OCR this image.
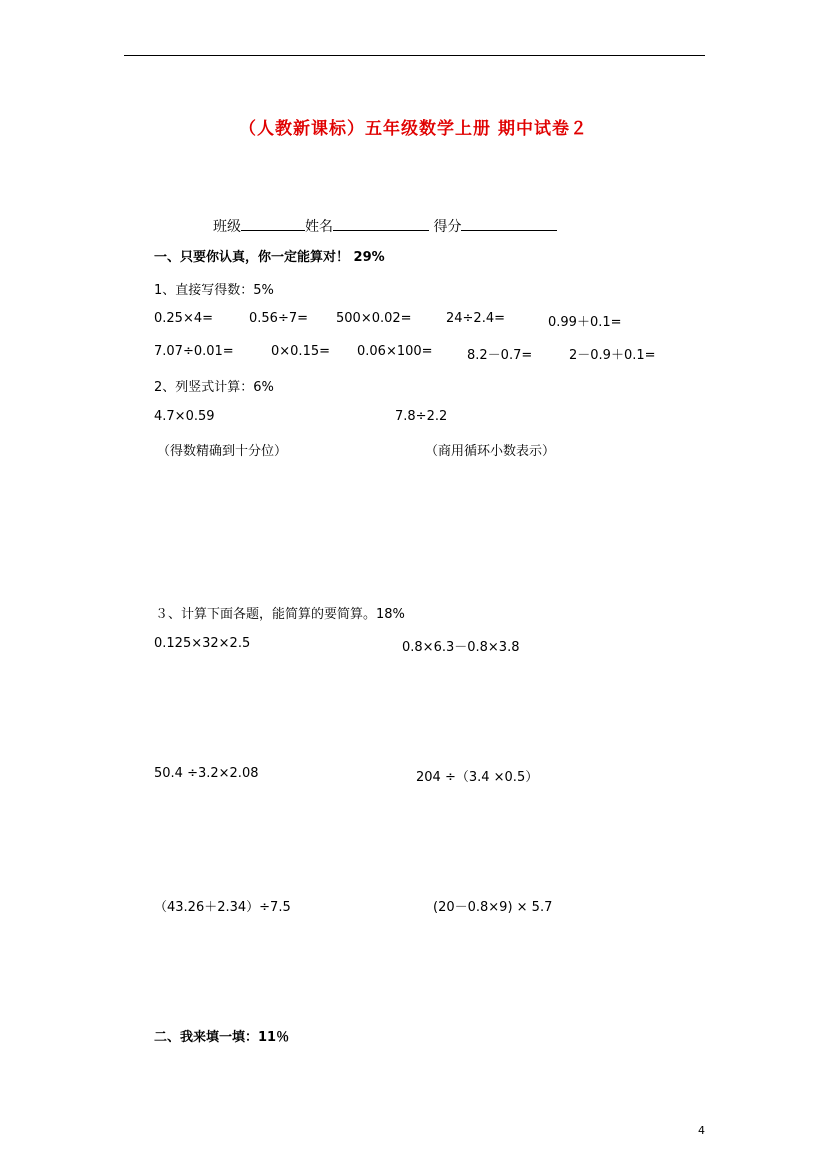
（人教新课标）五年级数学上册 期中试卷２
班级	姓名	得分
一、只要你认真，你一定能算对！ 29%
1、直接写得数：5%
0.25×4=	0.56÷7= 500×0.02=	24÷2.4=	0.99＋0.1=
7.07÷0.01=	0×0.15= 0.06×100=	8.2－0.7=	2－0.9＋0.1=
2、列竖式计算：6%
4.7×0.59	7.8÷2.2
（得数精确到十分位）	（商用循环小数表示）
３、计算下面各题，能简算的要简算。18%
0.125×32×2.5	0.8×6.3－0.8×3.8
50.4 ÷3.2×2.08	204 ÷（3.4 ×0.5）
（43.26＋2.34）÷7.5	(20－0.8×9) × 5.7
二、我来填一填：11％
4
